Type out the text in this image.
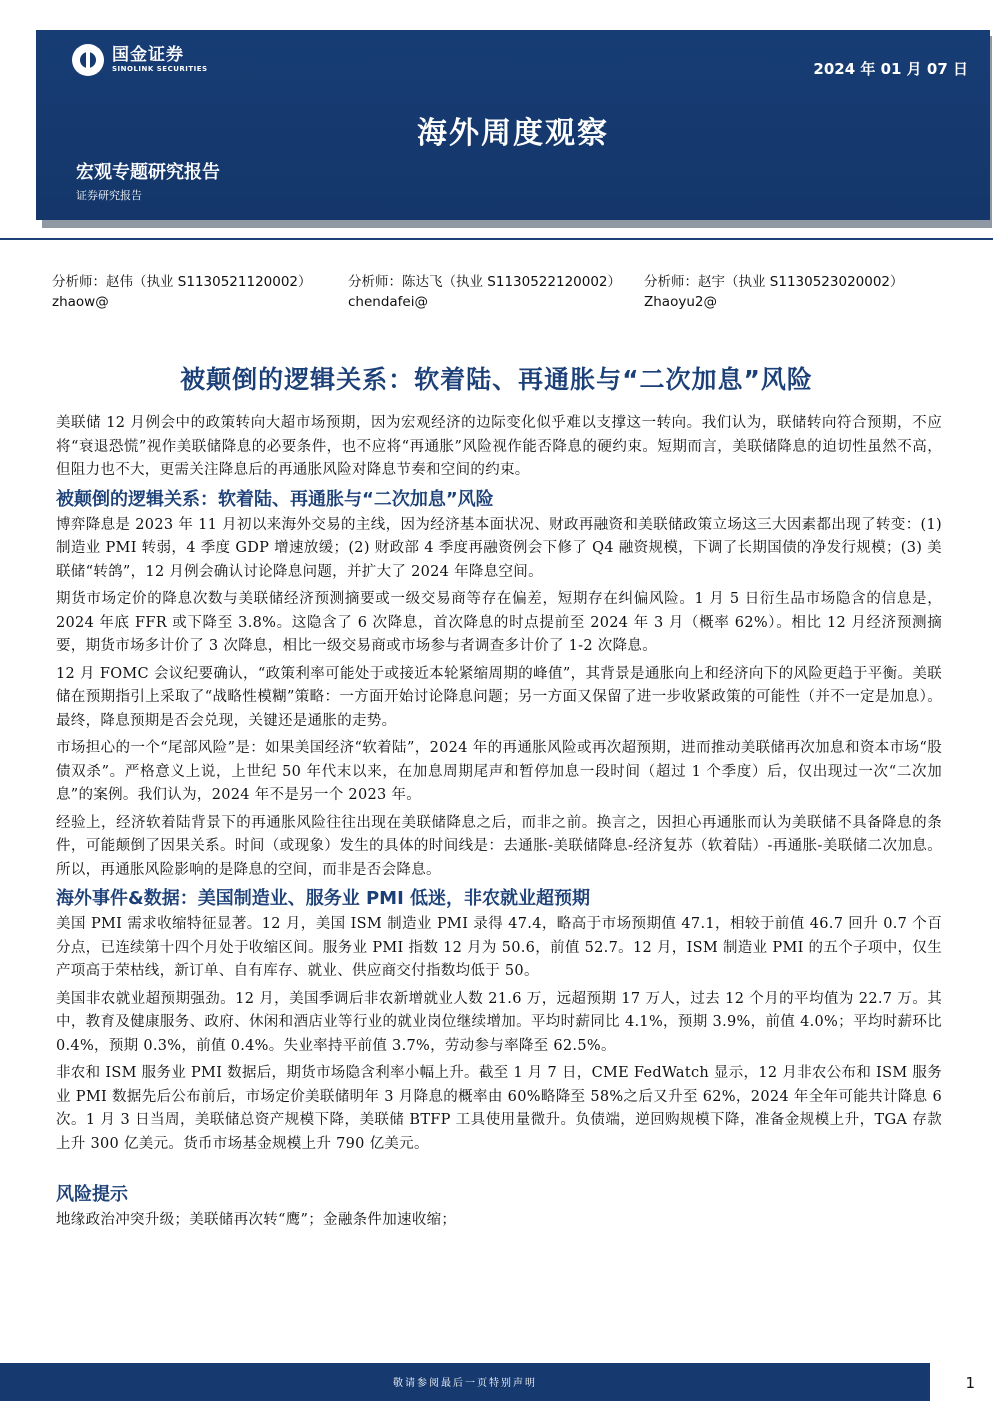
国金证券
SINOLINK SECURITIES	2024 年 01 月 07 日
海外周度观察
宏观专题研究报告
证券研究报告
分析师：赵伟（执业 S1130521120002）
zhaow@
分析师：陈达飞（执业 S1130522120002）
chendafei@
分析师：赵宇（执业 S1130523020002）
Zhaoyu2@
被颠倒的逻辑关系：软着陆、再通胀与“二次加息”风险

美联储 12 月例会中的政策转向大超市场预期，因为宏观经济的边际变化似乎难以支撑这一转向。我们认为，联储转向符合预期，不应将“衰退恐慌”视作美联储降息的必要条件，也不应将“再通胀”风险视作能否降息的硬约束。短期而言，美联储降息的迫切性虽然不高，但阻力也不大，更需关注降息后的再通胀风险对降息节奏和空间的约束。

被颠倒的逻辑关系：软着陆、再通胀与“二次加息”风险

博弈降息是 2023 年 11 月初以来海外交易的主线，因为经济基本面状况、财政再融资和美联储政策立场这三大因素都出现了转变：(1) 制造业 PMI 转弱，4 季度 GDP 增速放缓；(2) 财政部 4 季度再融资例会下修了 Q4 融资规模，下调了长期国债的净发行规模；(3) 美联储“转鸽”，12 月例会确认讨论降息问题，并扩大了 2024 年降息空间。

期货市场定价的降息次数与美联储经济预测摘要或一级交易商等存在偏差，短期存在纠偏风险。1 月 5 日衍生品市场隐含的信息是，2024 年底 FFR 或下降至 3.8%。这隐含了 6 次降息，首次降息的时点提前至 2024 年 3 月（概率 62%）。相比 12 月经济预测摘要，期货市场多计价了 3 次降息，相比一级交易商或市场参与者调查多计价了 1-2 次降息。

12 月 FOMC 会议纪要确认，“政策利率可能处于或接近本轮紧缩周期的峰值”，其背景是通胀向上和经济向下的风险更趋于平衡。美联储在预期指引上采取了“战略性模糊”策略：一方面开始讨论降息问题；另一方面又保留了进一步收紧政策的可能性（并不一定是加息）。最终，降息预期是否会兑现，关键还是通胀的走势。

市场担心的一个“尾部风险”是：如果美国经济“软着陆”，2024 年的再通胀风险或再次超预期，进而推动美联储再次加息和资本市场“股债双杀”。严格意义上说，上世纪 50 年代末以来，在加息周期尾声和暂停加息一段时间（超过 1 个季度）后，仅出现过一次“二次加息”的案例。我们认为，2024 年不是另一个 2023 年。

经验上，经济软着陆背景下的再通胀风险往往出现在美联储降息之后，而非之前。换言之，因担心再通胀而认为美联储不具备降息的条件，可能颠倒了因果关系。时间（或现象）发生的具体的时间线是：去通胀-美联储降息-经济复苏（软着陆）-再通胀-美联储二次加息。所以，再通胀风险影响的是降息的空间，而非是否会降息。

海外事件&数据：美国制造业、服务业 PMI 低迷，非农就业超预期

美国 PMI 需求收缩特征显著。12 月，美国 ISM 制造业 PMI 录得 47.4，略高于市场预期值 47.1，相较于前值 46.7 回升 0.7 个百分点，已连续第十四个月处于收缩区间。服务业 PMI 指数 12 月为 50.6，前值 52.7。12 月，ISM 制造业 PMI 的五个子项中，仅生产项高于荣枯线，新订单、自有库存、就业、供应商交付指数均低于 50。

美国非农就业超预期强劲。12 月，美国季调后非农新增就业人数 21.6 万，远超预期 17 万人，过去 12 个月的平均值为 22.7 万。其中，教育及健康服务、政府、休闲和酒店业等行业的就业岗位继续增加。平均时薪同比 4.1%，预期 3.9%，前值 4.0%；平均时薪环比 0.4%，预期 0.3%，前值 0.4%。失业率持平前值 3.7%，劳动参与率降至 62.5%。

非农和 ISM 服务业 PMI 数据后，期货市场隐含利率小幅上升。截至 1 月 7 日，CME FedWatch 显示，12 月非农公布和 ISM 服务业 PMI 数据先后公布前后，市场定价美联储明年 3 月降息的概率由 60%略降至 58%之后又升至 62%，2024 年全年可能共计降息 6 次。1 月 3 日当周，美联储总资产规模下降，美联储 BTFP 工具使用量微升。负债端，逆回购规模下降，准备金规模上升，TGA 存款上升 300 亿美元。货币市场基金规模上升 790 亿美元。

风险提示

地缘政治冲突升级；美联储再次转“鹰”；金融条件加速收缩；

敬请参阅最后一页特别声明	1
